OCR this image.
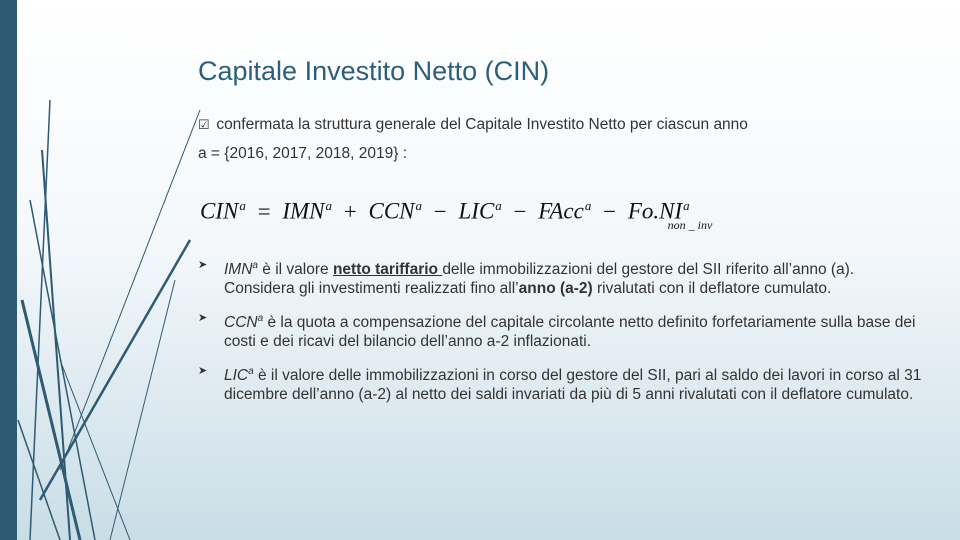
Capitale Investito Netto (CIN)
☑ confermata la struttura generale del Capitale Investito Netto per ciascun anno
a = {2016, 2017, 2018, 2019} :
$CIN^a = IMN^a + CCN^a - LIC^a$ − FAcc$^a$ − $Fo.NI^a_{non \_ inv}$
➤ IMN$^a$ è il valore netto tariffario delle immobilizzazioni del gestore del SII riferito all’anno (a). Considera gli investimenti realizzati fino all’anno (a-2) rivalutati con il deflatore cumulato.
➤ CCN$^a$ è la quota a compensazione del capitale circolante netto definito forfetariamente sulla base dei costi e dei ricavi del bilancio dell’anno a-2 inflazionati.
➤ LIC$^a$ è il valore delle immobilizzazioni in corso del gestore del SII, pari al saldo dei lavori in corso al 31 dicembre dell’anno (a-2) al netto dei saldi invariati da più di 5 anni rivalutati con il deflatore cumulato.
